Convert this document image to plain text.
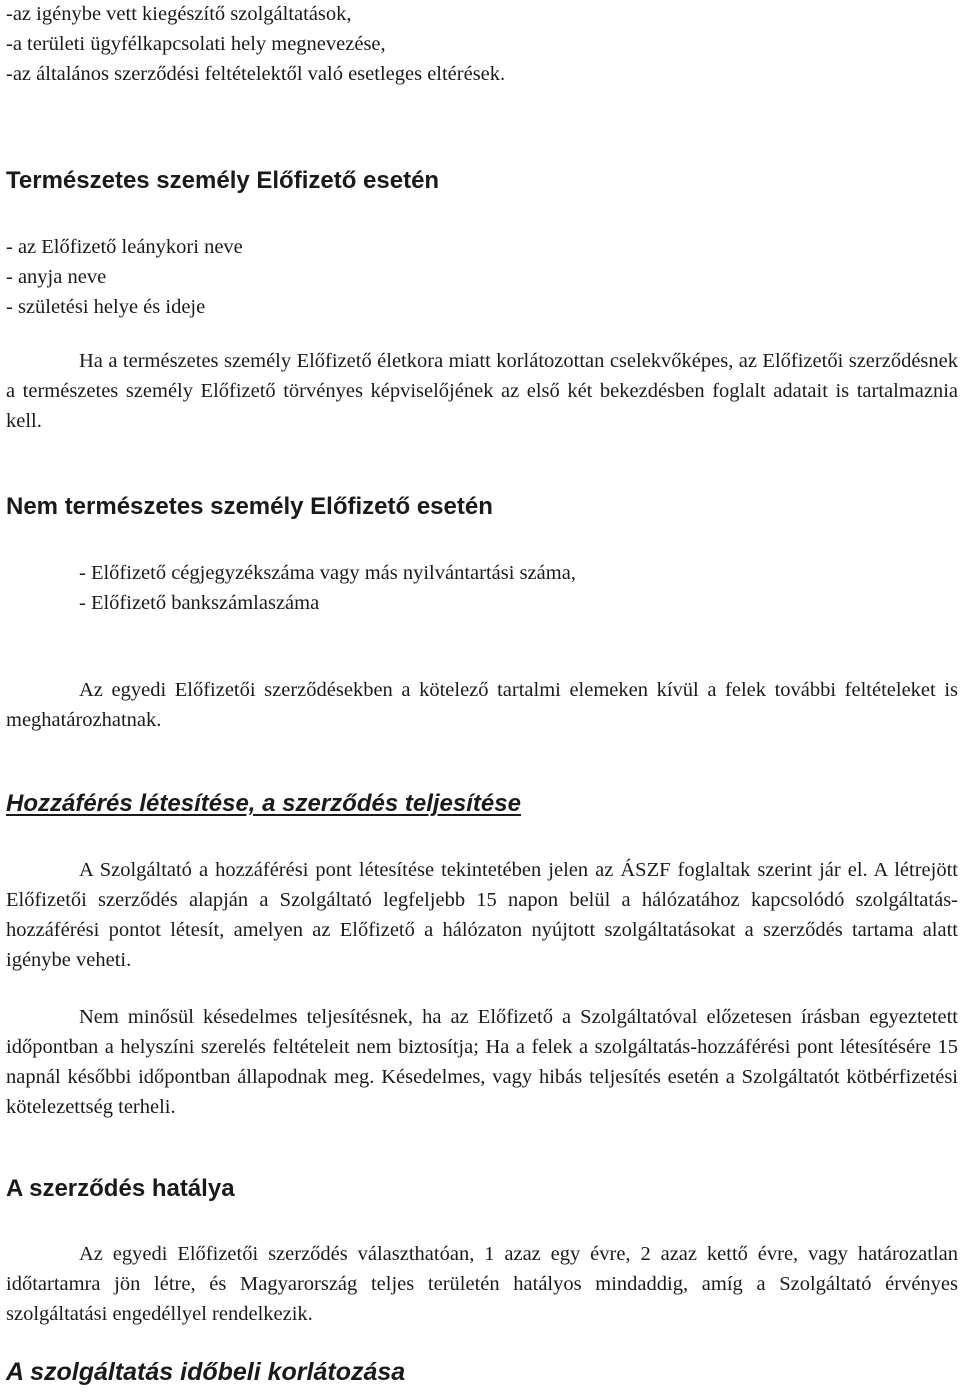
-az igénybe vett kiegészítő szolgáltatások,
-a területi ügyfélkapcsolati hely megnevezése,
-az általános szerződési feltételektől való esetleges eltérések.
Természetes személy Előfizető esetén
- az Előfizető leánykori neve
- anyja neve
- születési helye és ideje

Ha a természetes személy Előfizető életkora miatt korlátozottan cselekvőképes, az Előfizetői szerződésnek a természetes személy Előfizető törvényes képviselőjének az első két bekezdésben foglalt adatait is tartalmaznia kell.

Nem természetes személy Előfizető esetén
- Előfizető cégjegyzékszáma vagy más nyilvántartási száma,
- Előfizető bankszámlaszáma

Az egyedi Előfizetői szerződésekben a kötelező tartalmi elemeken kívül a felek további feltételeket is meghatározhatnak.

Hozzáférés létesítése, a szerződés teljesítése

A Szolgáltató a hozzáférési pont létesítése tekintetében jelen az ÁSZF foglaltak szerint jár el. A létrejött Előfizetői szerződés alapján a Szolgáltató legfeljebb 15 napon belül a hálózatához kapcsolódó szolgáltatás-hozzáférési pontot létesít, amelyen az Előfizető a hálózaton nyújtott szolgáltatásokat a szerződés tartama alatt igénybe veheti.

Nem minősül késedelmes teljesítésnek, ha az Előfizető a Szolgáltatóval előzetesen írásban egyeztetett időpontban a helyszíni szerelés feltételeit nem biztosítja; Ha a felek a szolgáltatás-hozzáférési pont létesítésére 15 napnál későbbi időpontban állapodnak meg. Késedelmes, vagy hibás teljesítés esetén a Szolgáltatót kötbérfizetési kötelezettség terheli.

A szerződés hatálya

Az egyedi Előfizetői szerződés választhatóan, 1 azaz egy évre, 2 azaz kettő évre, vagy határozatlan időtartamra jön létre, és Magyarország teljes területén hatályos mindaddig, amíg a Szolgáltató érvényes szolgáltatási engedéllyel rendelkezik.

A szolgáltatás időbeli korlátozása
